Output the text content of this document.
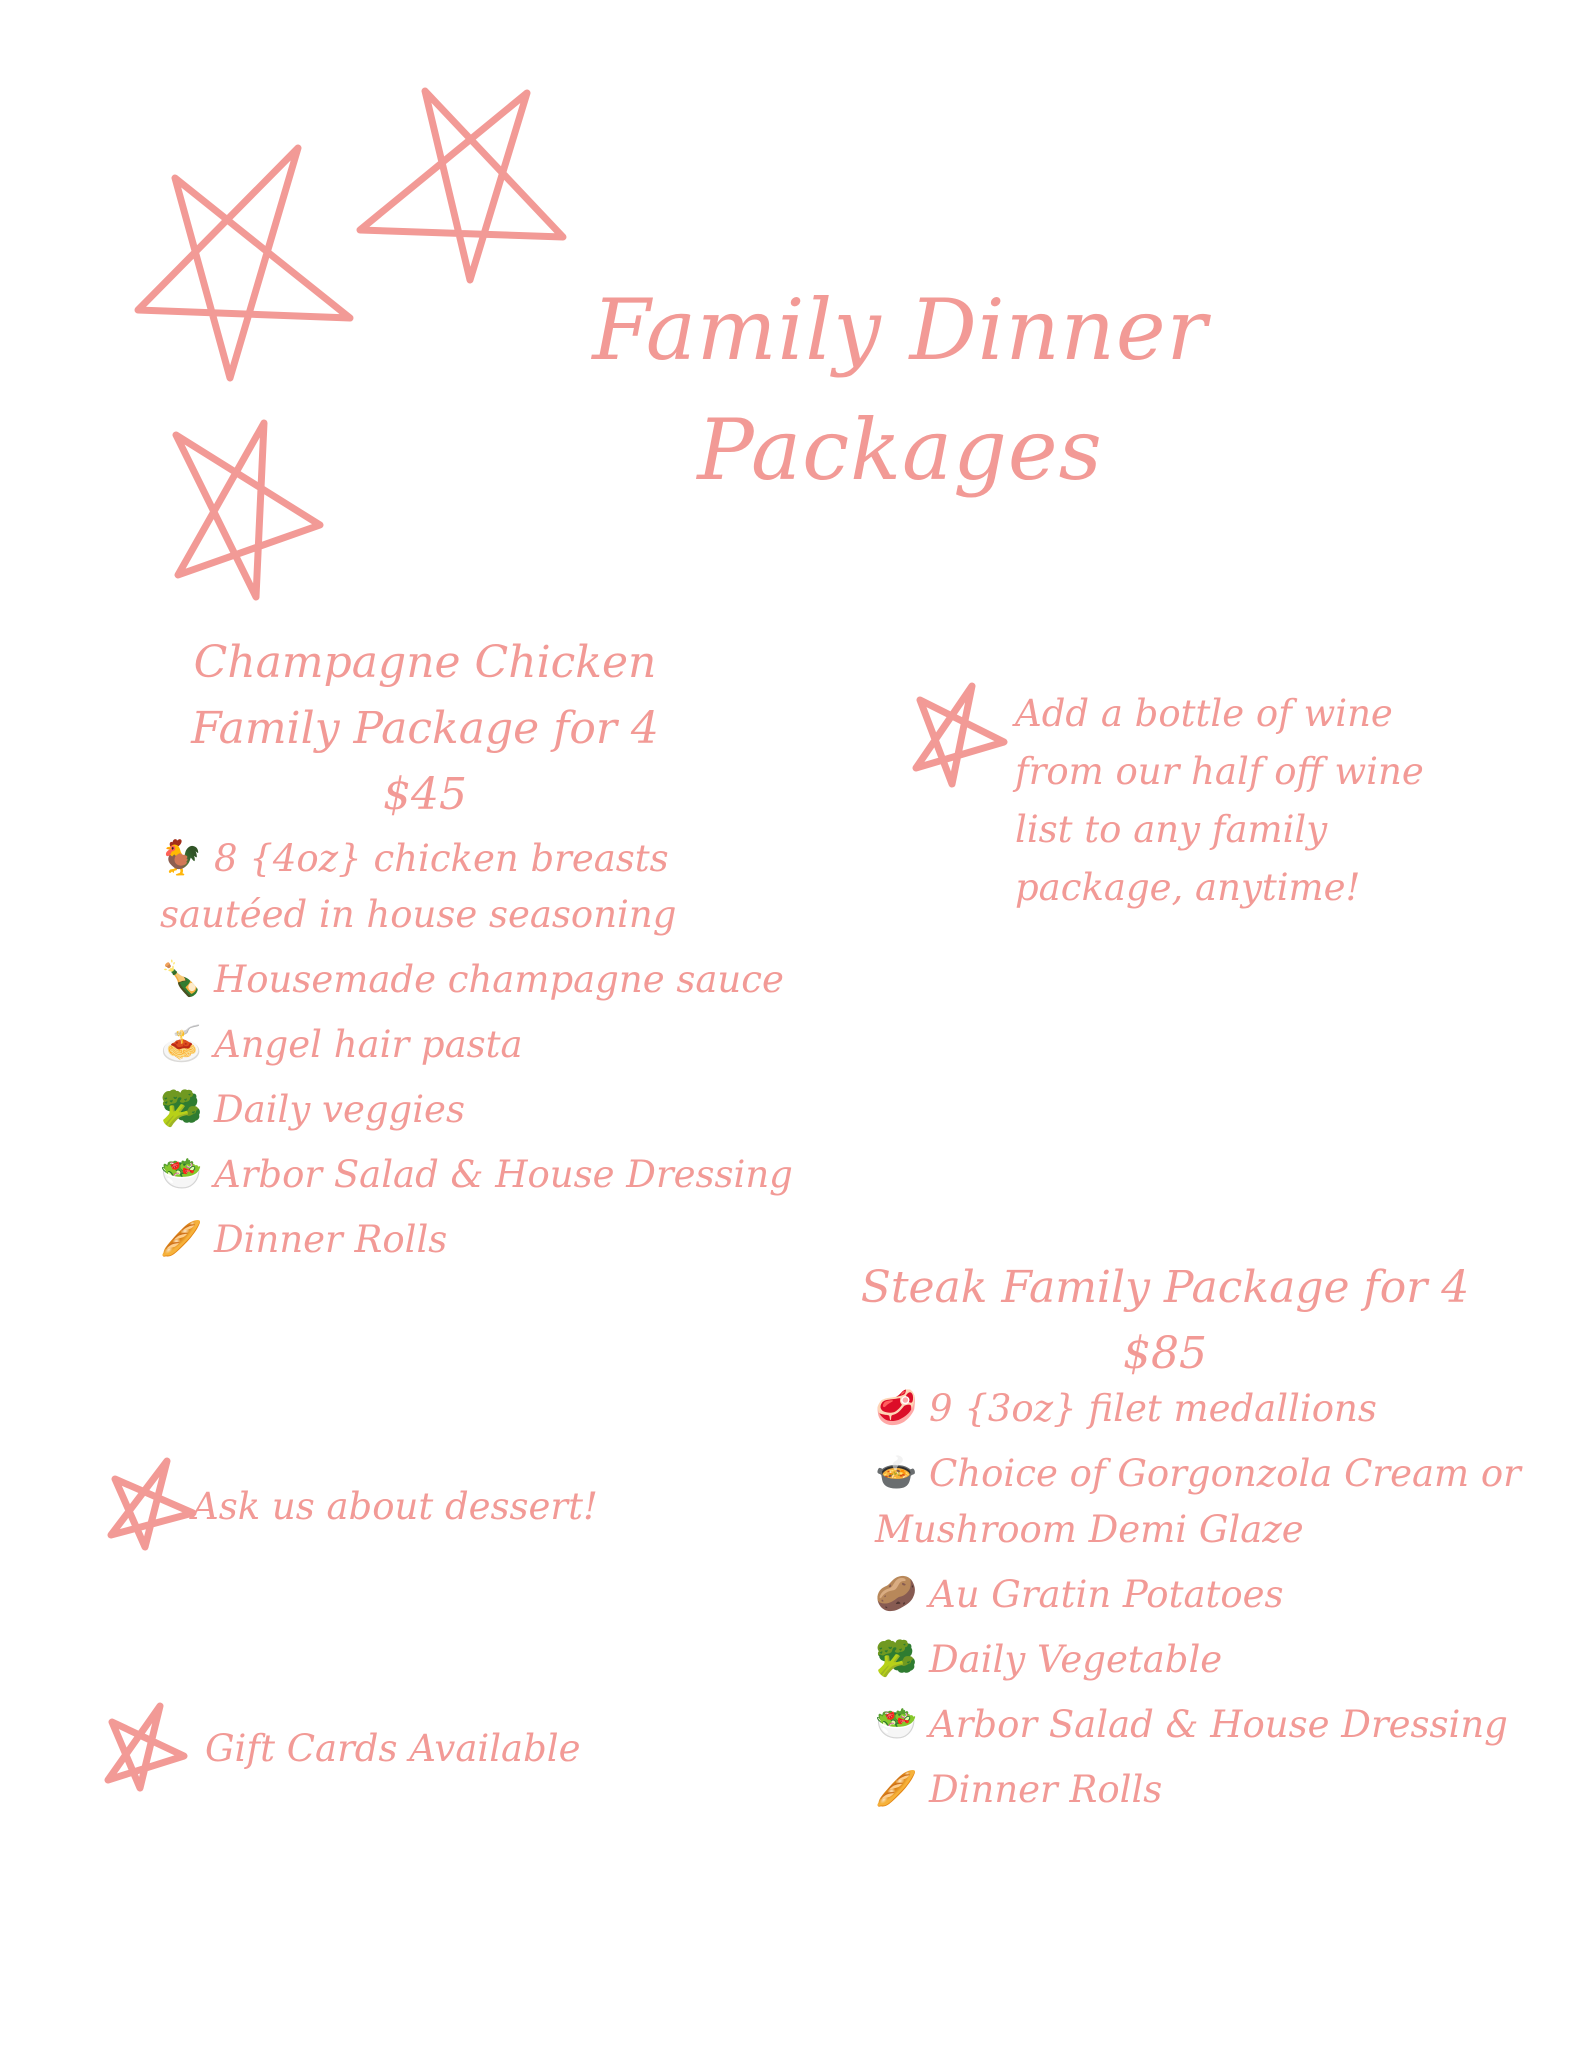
Family Dinner
Packages
Champagne Chicken
Family Package for 4
$45
🐓 8 {4oz} chicken breasts sautéed in house seasoning
🍾 Housemade champagne sauce
🍝 Angel hair pasta
🥦 Daily veggies
🥗 Arbor Salad & House Dressing
🥖 Dinner Rolls
Add a bottle of wine
from our half off wine
list to any family
package, anytime!
Steak Family Package for 4
$85
🥩 9 {3oz} filet medallions
🍲 Choice of Gorgonzola Cream or Mushroom Demi Glaze
🥔 Au Gratin Potatoes
🥦 Daily Vegetable
🥗 Arbor Salad & House Dressing
🥖 Dinner Rolls
Ask us about dessert!
Gift Cards Available
